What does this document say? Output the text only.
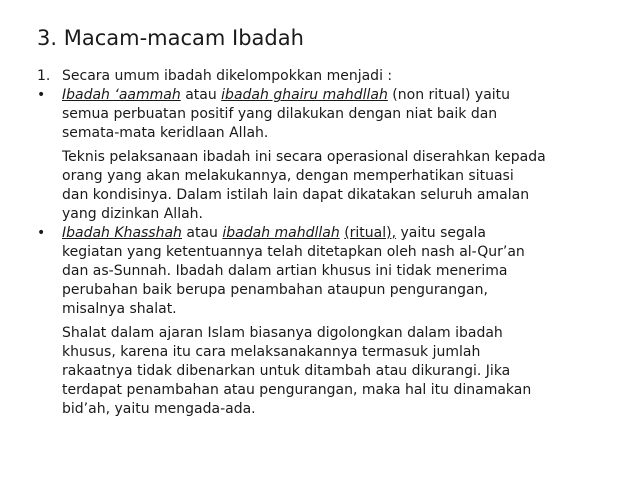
3. Macam-macam Ibadah
1. Secara umum ibadah dikelompokkan menjadi :
• Ibadah ‘aammah atau ibadah ghairu mahdllah (non ritual) yaitu
semua perbuatan positif yang dilakukan dengan niat baik dan
semata-mata keridlaan Allah.
Teknis pelaksanaan ibadah ini secara operasional diserahkan kepada
orang yang akan melakukannya, dengan memperhatikan situasi
dan kondisinya. Dalam istilah lain dapat dikatakan seluruh amalan
yang dizinkan Allah.
• Ibadah Khasshah atau ibadah mahdllah (ritual), yaitu segala
kegiatan yang ketentuannya telah ditetapkan oleh nash al-Qur’an
dan as-Sunnah. Ibadah dalam artian khusus ini tidak menerima
perubahan baik berupa penambahan ataupun pengurangan,
misalnya shalat.
Shalat dalam ajaran Islam biasanya digolongkan dalam ibadah
khusus, karena itu cara melaksanakannya termasuk jumlah
rakaatnya tidak dibenarkan untuk ditambah atau dikurangi. Jika
terdapat penambahan atau pengurangan, maka hal itu dinamakan
bid’ah, yaitu mengada-ada.
